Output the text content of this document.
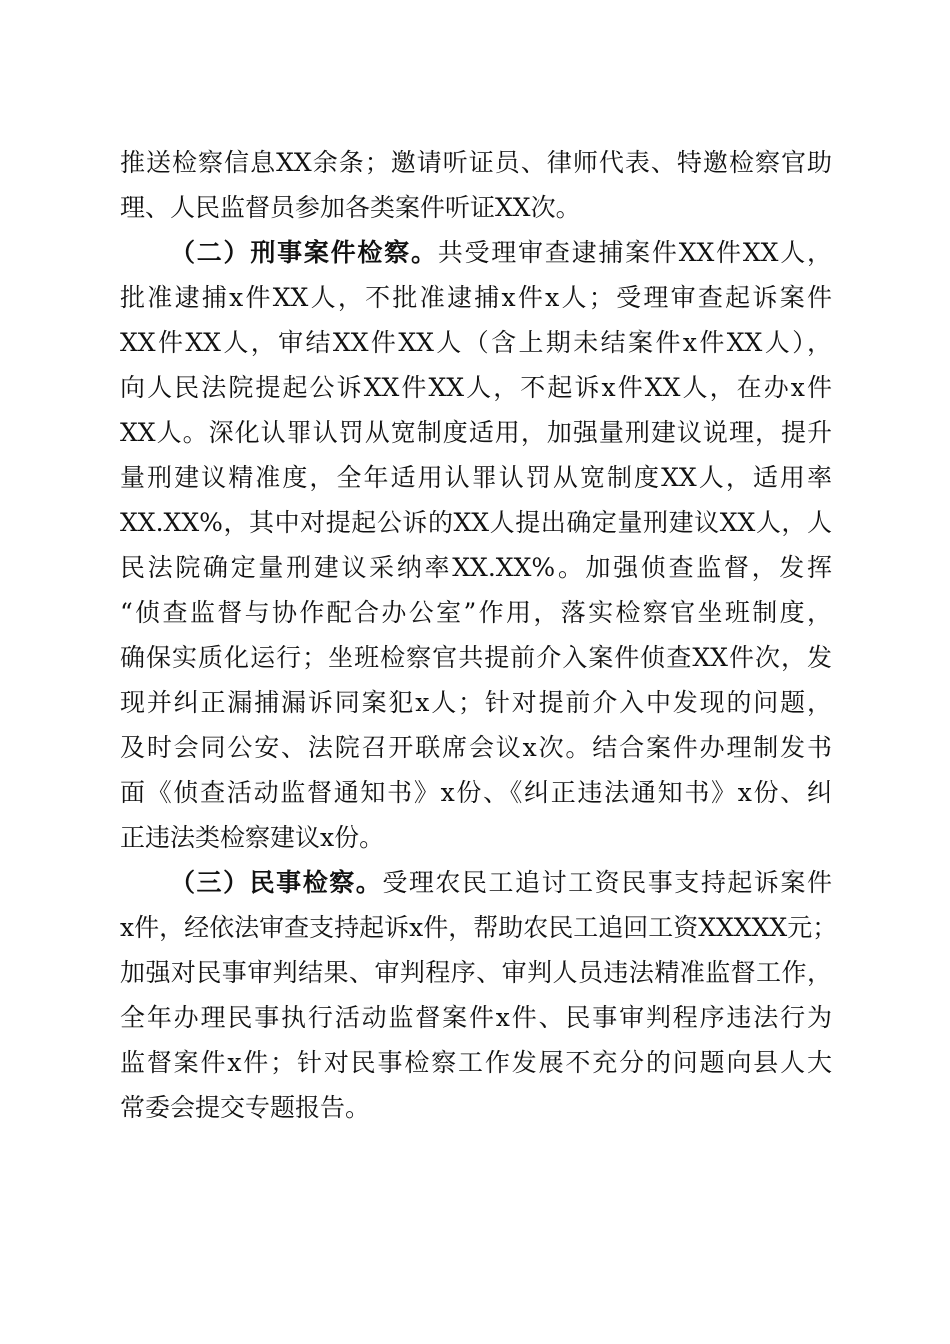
推送检察信息XX余条；邀请听证员、律师代表、特邀检察官助
理、人民监督员参加各类案件听证XX次。
（二）刑事案件检察。共受理审查逮捕案件XX件XX人，
批准逮捕x件XX人，不批准逮捕x件x人；受理审查起诉案件
XX件XX人，审结XX件XX人（含上期未结案件x件XX人），
向人民法院提起公诉XX件XX人，不起诉x件XX人，在办x件
XX人。深化认罪认罚从宽制度适用，加强量刑建议说理，提升
量刑建议精准度，全年适用认罪认罚从宽制度XX人，适用率
XX.XX%，其中对提起公诉的XX人提出确定量刑建议XX人，人
民法院确定量刑建议采纳率XX.XX%。加强侦查监督，发挥
“侦查监督与协作配合办公室”作用，落实检察官坐班制度，
确保实质化运行；坐班检察官共提前介入案件侦查XX件次，发
现并纠正漏捕漏诉同案犯x人；针对提前介入中发现的问题，
及时会同公安、法院召开联席会议x次。结合案件办理制发书
面《侦查活动监督通知书》x份、《纠正违法通知书》x份、纠
正违法类检察建议x份。
（三）民事检察。受理农民工追讨工资民事支持起诉案件
x件，经依法审查支持起诉x件，帮助农民工追回工资XXXXX元；
加强对民事审判结果、审判程序、审判人员违法精准监督工作，
全年办理民事执行活动监督案件x件、民事审判程序违法行为
监督案件x件；针对民事检察工作发展不充分的问题向县人大
常委会提交专题报告。
